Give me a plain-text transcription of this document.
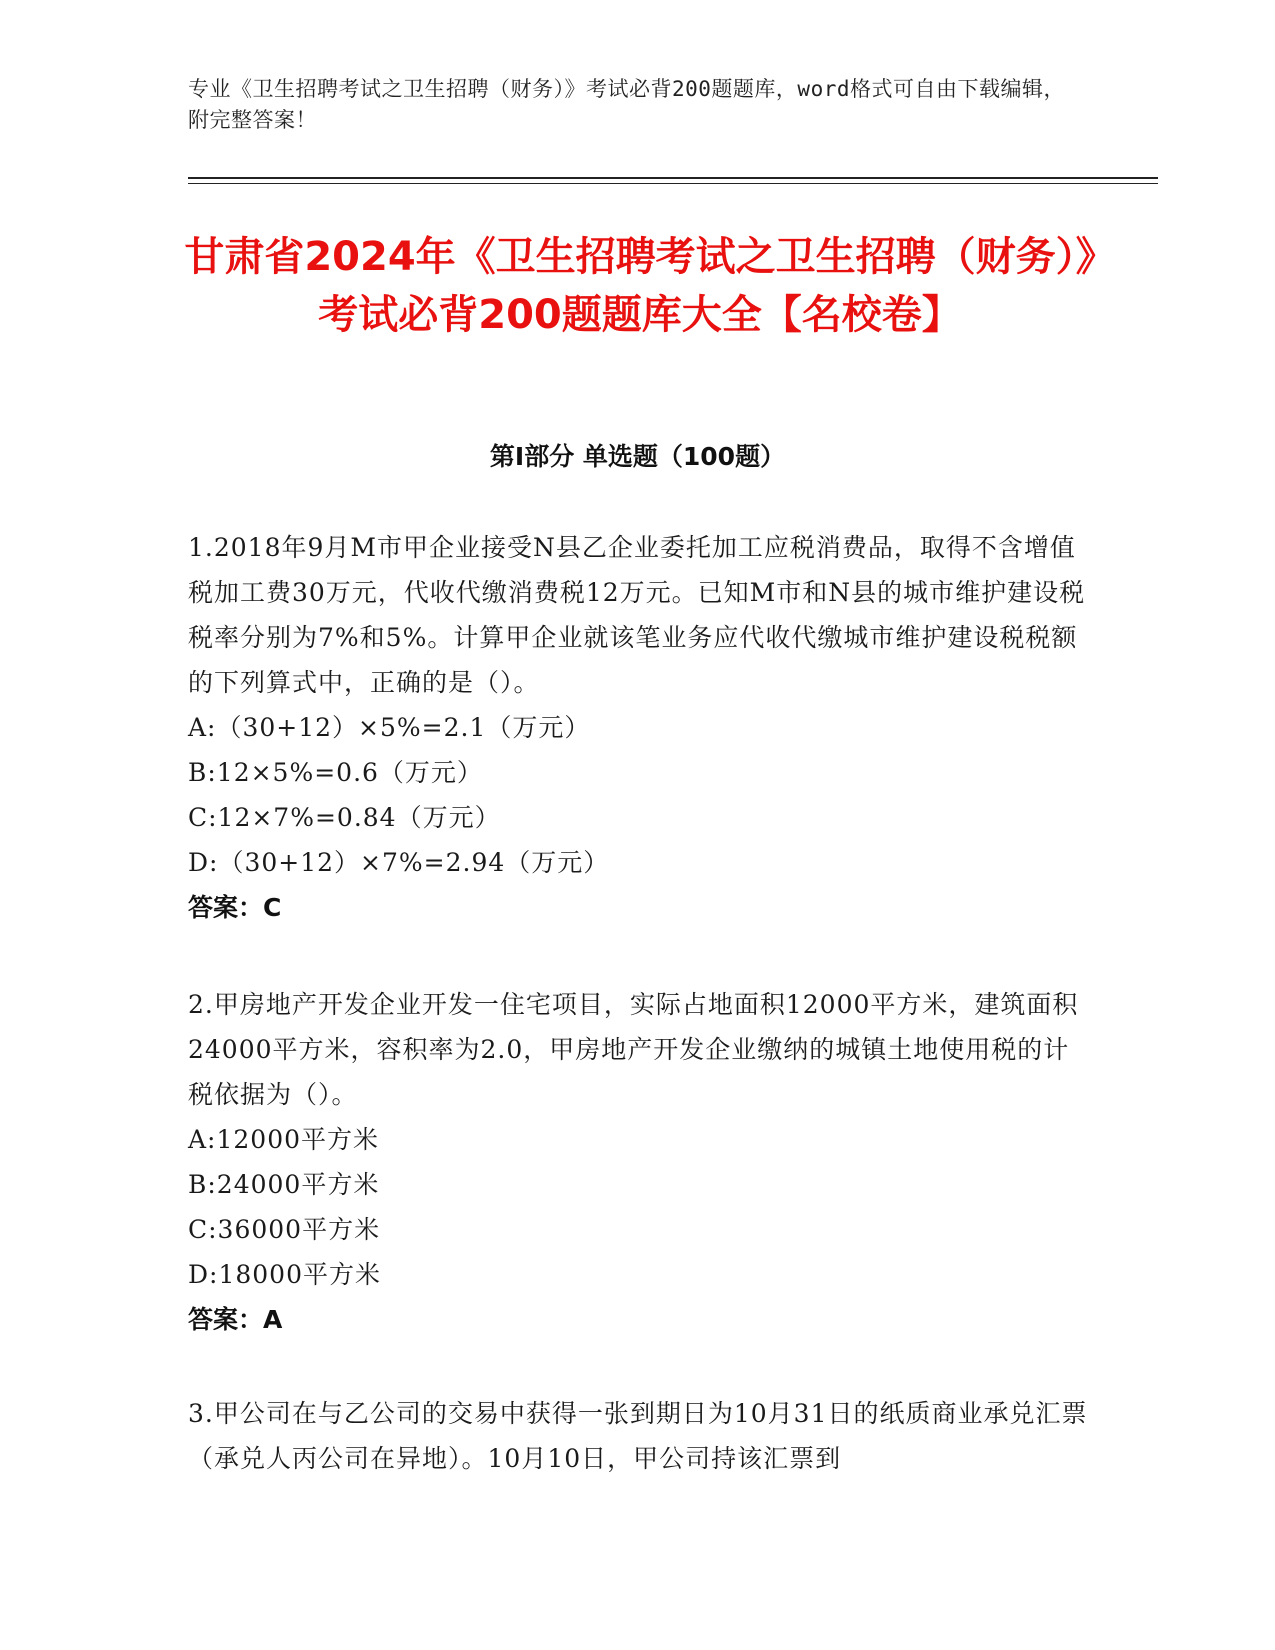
专业《卫生招聘考试之卫生招聘（财务）》考试必背200题题库，word格式可自由下载编辑，附完整答案！
甘肃省2024年《卫生招聘考试之卫生招聘（财务）》考试必背200题题库大全【名校卷】
第I部分 单选题（100题）

1.2018年9月M市甲企业接受N县乙企业委托加工应税消费品，取得不含增值税加工费30万元，代收代缴消费税12万元。已知M市和N县的城市维护建设税税率分别为7%和5%。计算甲企业就该笔业务应代收代缴城市维护建设税税额的下列算式中，正确的是（）。

A:（30+12）×5%=2.1（万元）
B:12×5%=0.6（万元）
C:12×7%=0.84（万元）
D:（30+12）×7%=2.94（万元）
答案：C

2.甲房地产开发企业开发一住宅项目，实际占地面积12000平方米，建筑面积24000平方米，容积率为2.0，甲房地产开发企业缴纳的城镇土地使用税的计税依据为（）。

A:12000平方米
B:24000平方米
C:36000平方米
D:18000平方米
答案：A

3.甲公司在与乙公司的交易中获得一张到期日为10月31日的纸质商业承兑汇票（承兑人丙公司在异地）。10月10日，甲公司持该汇票到
